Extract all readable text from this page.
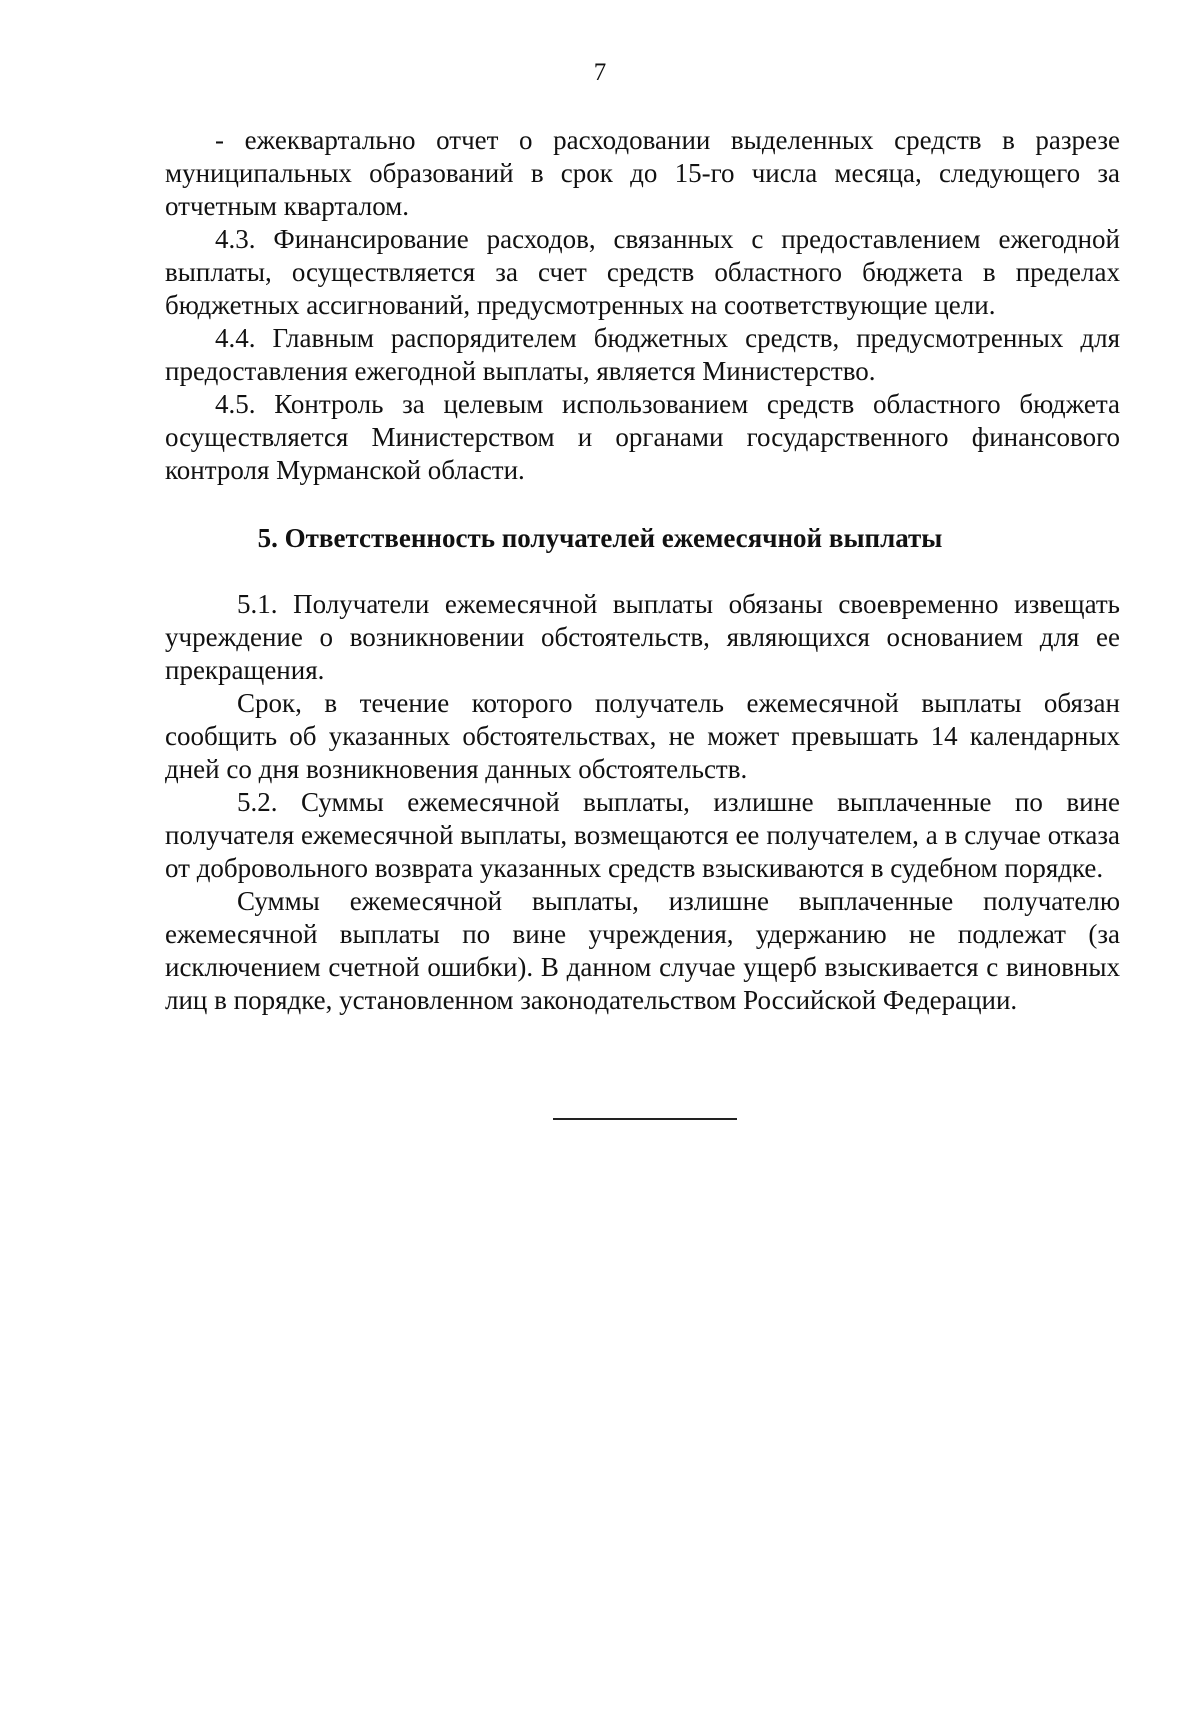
7

- ежеквартально отчет о расходовании выделенных средств в разрезе муниципальных образований в срок до 15-го числа месяца, следующего за отчетным кварталом.

4.3. Финансирование расходов, связанных с предоставлением ежегодной выплаты, осуществляется за счет средств областного бюджета в пределах бюджетных ассигнований, предусмотренных на соответствующие цели.

4.4. Главным распорядителем бюджетных средств, предусмотренных для предоставления ежегодной выплаты, является Министерство.

4.5. Контроль за целевым использованием средств областного бюджета осуществляется Министерством и органами государственного финансового контроля Мурманской области.

5. Ответственность получателей ежемесячной выплаты

5.1. Получатели ежемесячной выплаты обязаны своевременно извещать учреждение о возникновении обстоятельств, являющихся основанием для ее прекращения.

Срок, в течение которого получатель ежемесячной выплаты обязан сообщить об указанных обстоятельствах, не может превышать 14 календарных дней со дня возникновения данных обстоятельств.

5.2. Суммы ежемесячной выплаты, излишне выплаченные по вине получателя ежемесячной выплаты, возмещаются ее получателем, а в случае отказа от добровольного возврата указанных средств взыскиваются в судебном порядке.

Суммы ежемесячной выплаты, излишне выплаченные получателю ежемесячной выплаты по вине учреждения, удержанию не подлежат (за исключением счетной ошибки). В данном случае ущерб взыскивается с виновных лиц в порядке, установленном законодательством Российской Федерации.
